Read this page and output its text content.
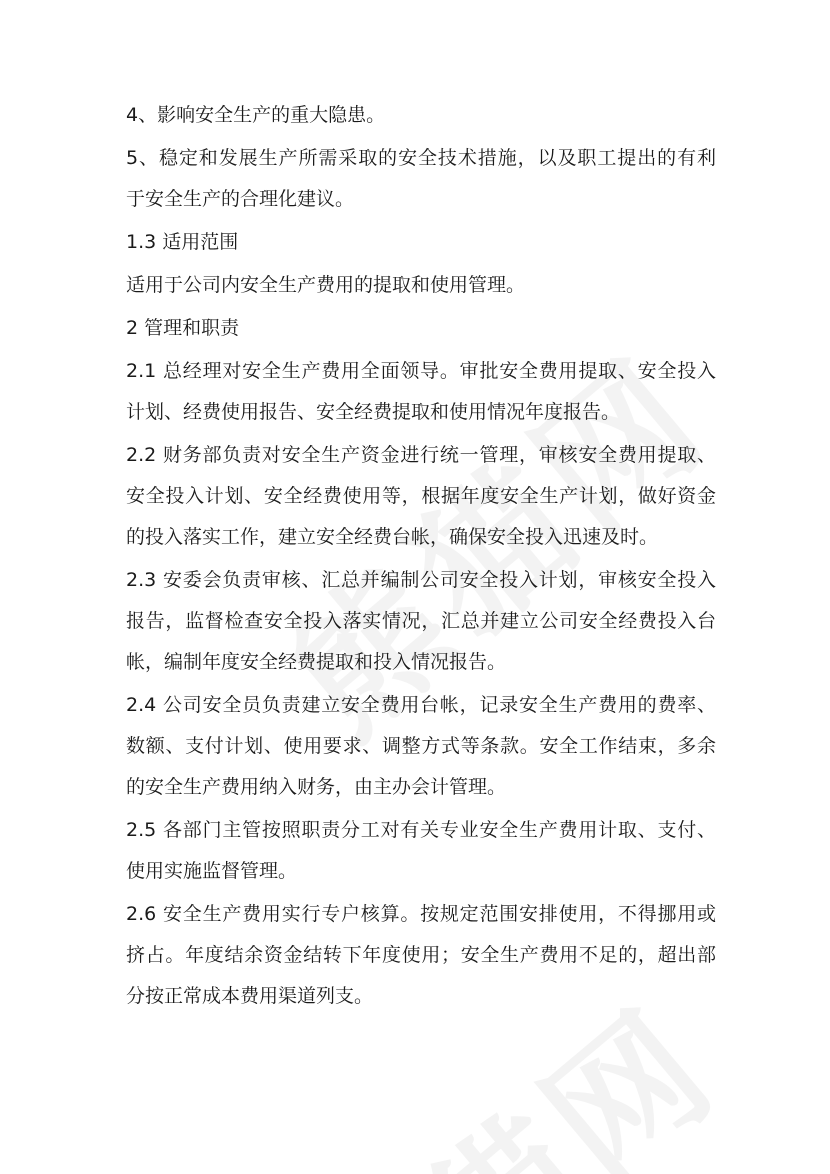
4、影响安全生产的重大隐患。
5、稳定和发展生产所需采取的安全技术措施，以及职工提出的有利
于安全生产的合理化建议。
1.3 适用范围
适用于公司内安全生产费用的提取和使用管理。
2 管理和职责
2.1 总经理对安全生产费用全面领导。审批安全费用提取、安全投入
计划、经费使用报告、安全经费提取和使用情况年度报告。
2.2 财务部负责对安全生产资金进行统一管理，审核安全费用提取、
安全投入计划、安全经费使用等，根据年度安全生产计划，做好资金
的投入落实工作，建立安全经费台帐，确保安全投入迅速及时。
2.3 安委会负责审核、汇总并编制公司安全投入计划，审核安全投入
报告，监督检查安全投入落实情况，汇总并建立公司安全经费投入台
帐，编制年度安全经费提取和投入情况报告。
2.4 公司安全员负责建立安全费用台帐，记录安全生产费用的费率、
数额、支付计划、使用要求、调整方式等条款。安全工作结束，多余
的安全生产费用纳入财务，由主办会计管理。
2.5 各部门主管按照职责分工对有关专业安全生产费用计取、支付、
使用实施监督管理。
2.6 安全生产费用实行专户核算。按规定范围安排使用，不得挪用或
挤占。年度结余资金结转下年度使用；安全生产费用不足的，超出部
分按正常成本费用渠道列支。
